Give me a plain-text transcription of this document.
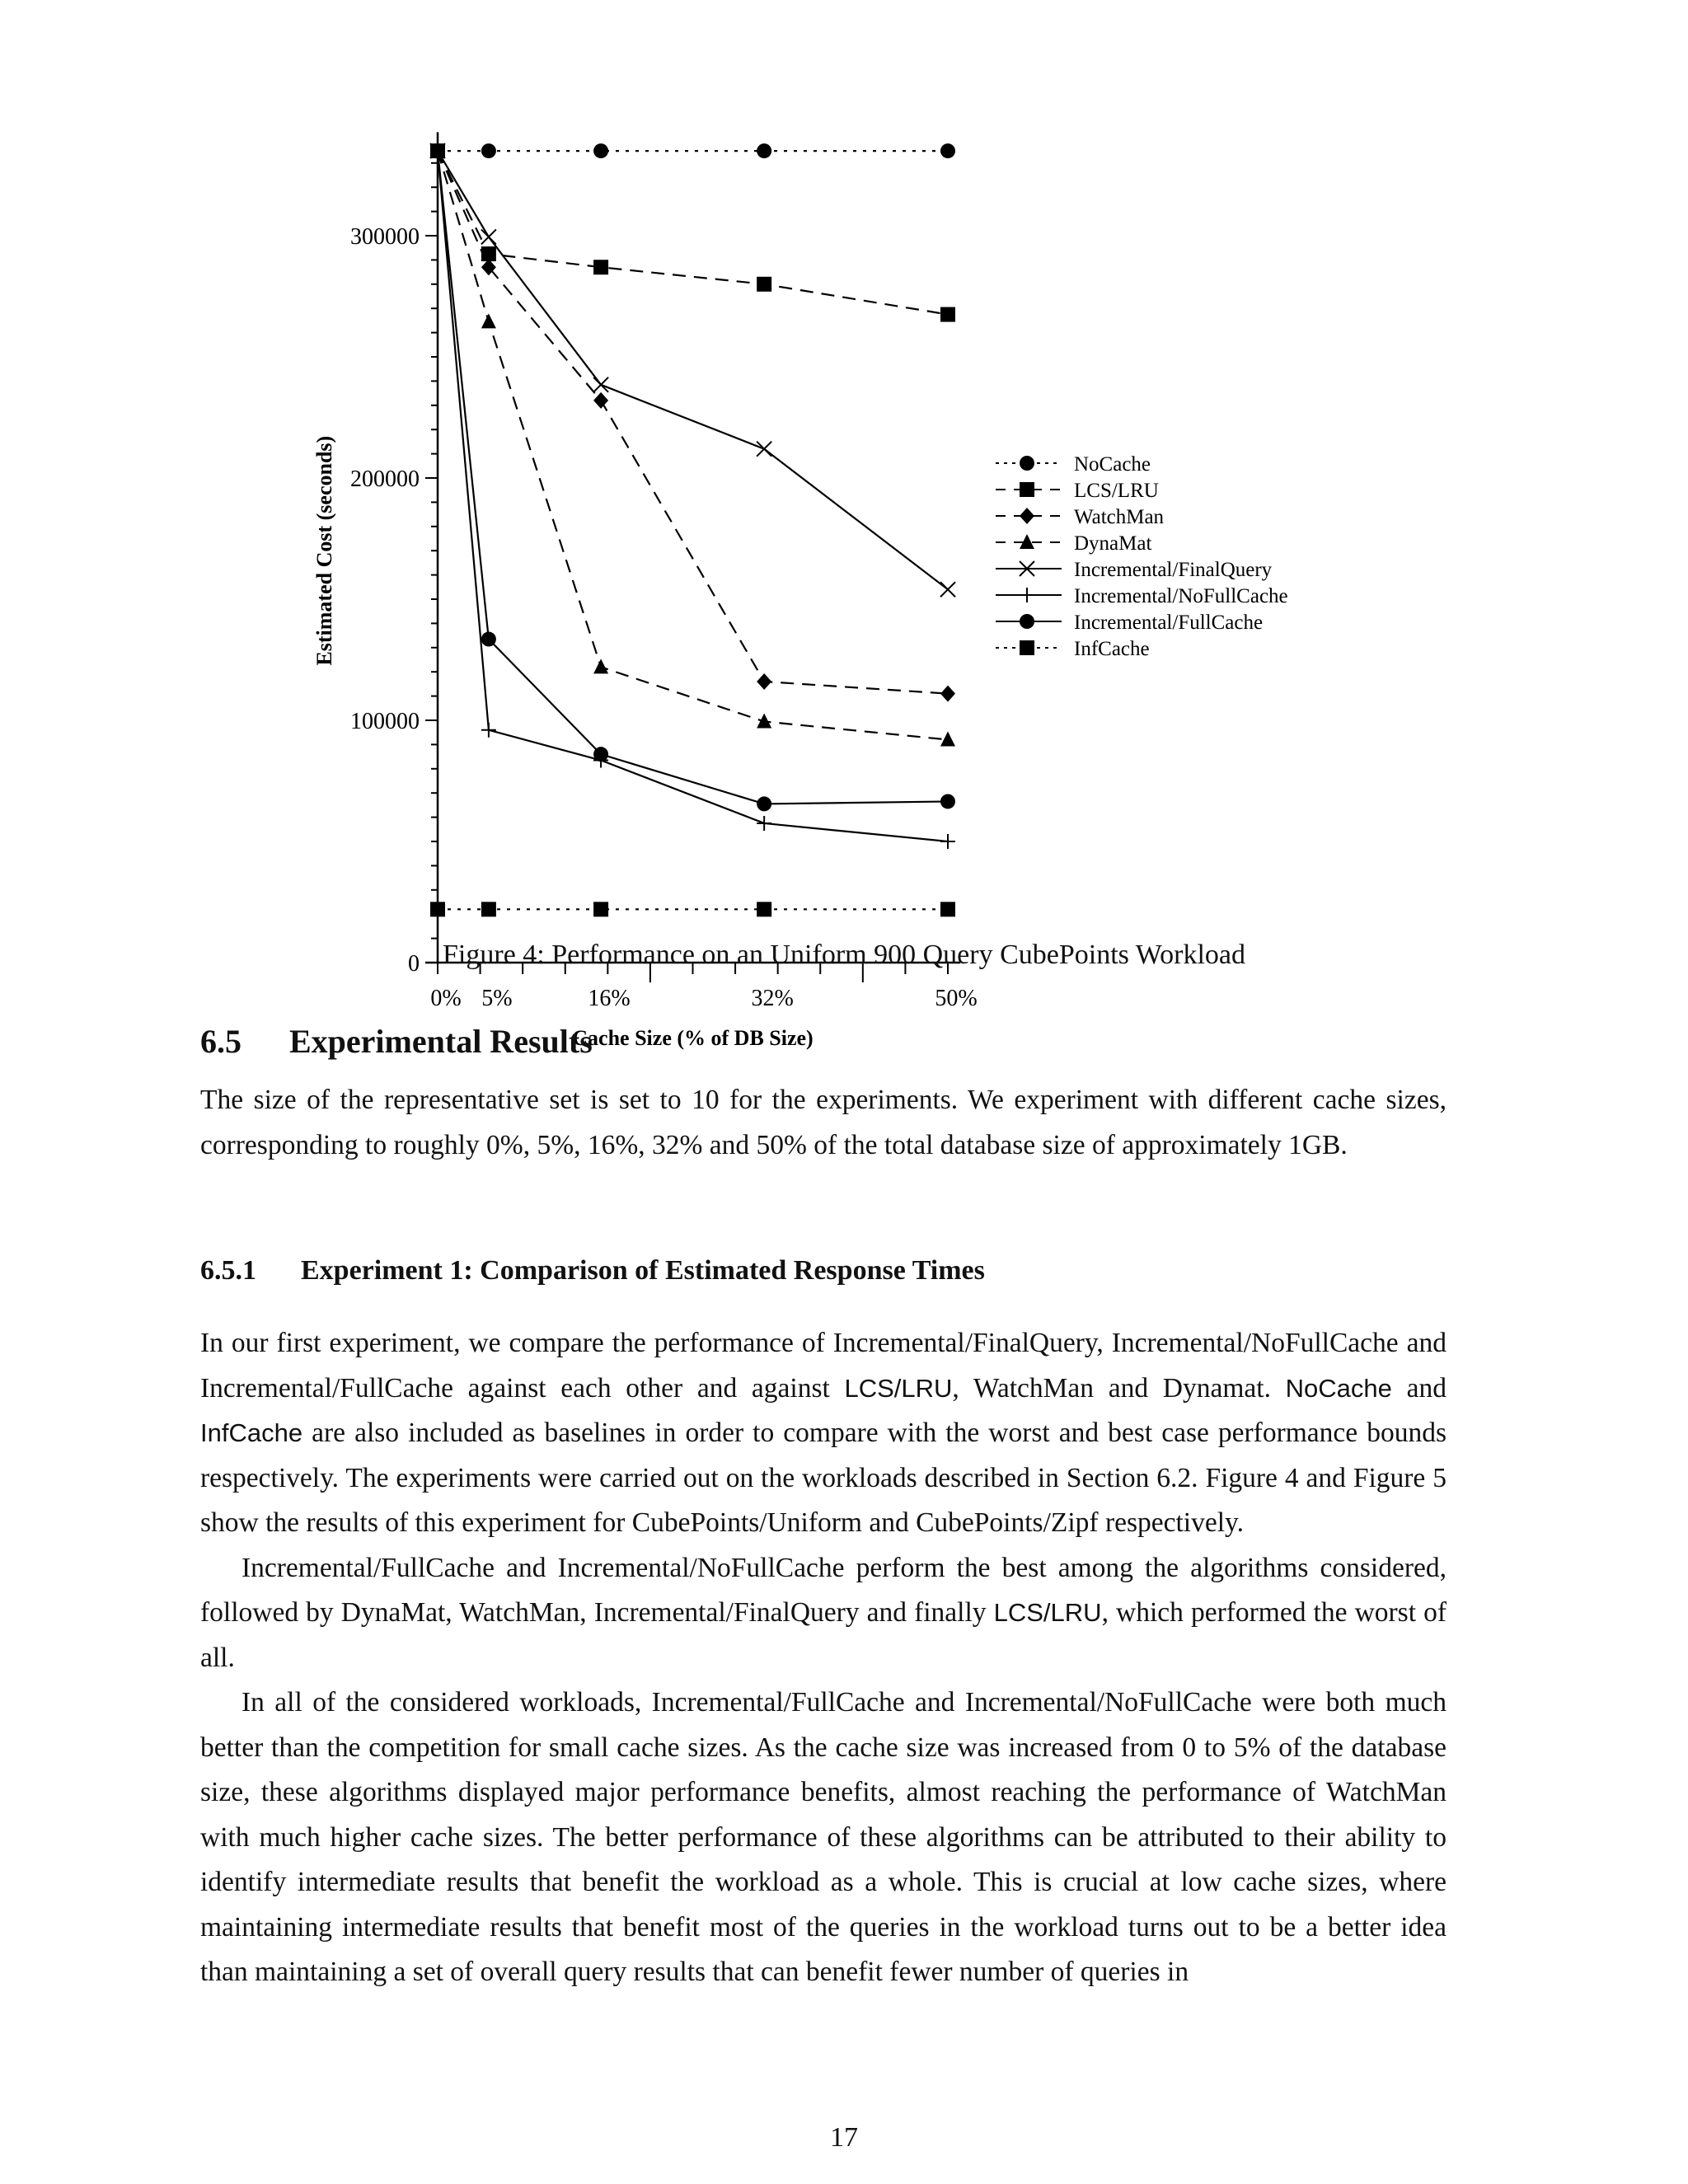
0
100000
200000
300000
0% 5%	16%	32%	50%
Cache Size (% of DB Size)
Estimated Cost (seconds)	NoCache
LCS/LRU
WatchMan
DynaMat
Incremental/FinalQuery
Incremental/NoFullCache
Incremental/FullCache
InfCache
Figure 4: Performance on an Uniform 900 Query CubePoints Workload
6.5 Experimental Results

The size of the representative set is set to 10 for the experiments. We experiment with different cache sizes, corresponding to roughly 0%, 5%, 16%, 32% and 50% of the total database size of approximately 1GB.

6.5.1 Experiment 1: Comparison of Estimated Response Times

In our first experiment, we compare the performance of Incremental/FinalQuery, Incremental/NoFullCache and Incremental/FullCache against each other and against LCS/LRU, WatchMan and Dynamat. NoCache and InfCache are also included as baselines in order to compare with the worst and best case performance bounds respectively. The experiments were carried out on the workloads described in Section 6.2. Figure 4 and Figure 5 show the results of this experiment for CubePoints/Uniform and CubePoints/Zipf respectively.

Incremental/FullCache and Incremental/NoFullCache perform the best among the algorithms considered, followed by DynaMat, WatchMan, Incremental/FinalQuery and finally LCS/LRU, which performed the worst of all.

In all of the considered workloads, Incremental/FullCache and Incremental/NoFullCache were both much better than the competition for small cache sizes. As the cache size was increased from 0 to 5% of the database size, these algorithms displayed major performance benefits, almost reaching the performance of WatchMan with much higher cache sizes. The better performance of these algorithms can be attributed to their ability to identify intermediate results that benefit the workload as a whole. This is crucial at low cache sizes, where maintaining intermediate results that benefit most of the queries in the workload turns out to be a better idea than maintaining a set of overall query results that can benefit fewer number of queries in

17
